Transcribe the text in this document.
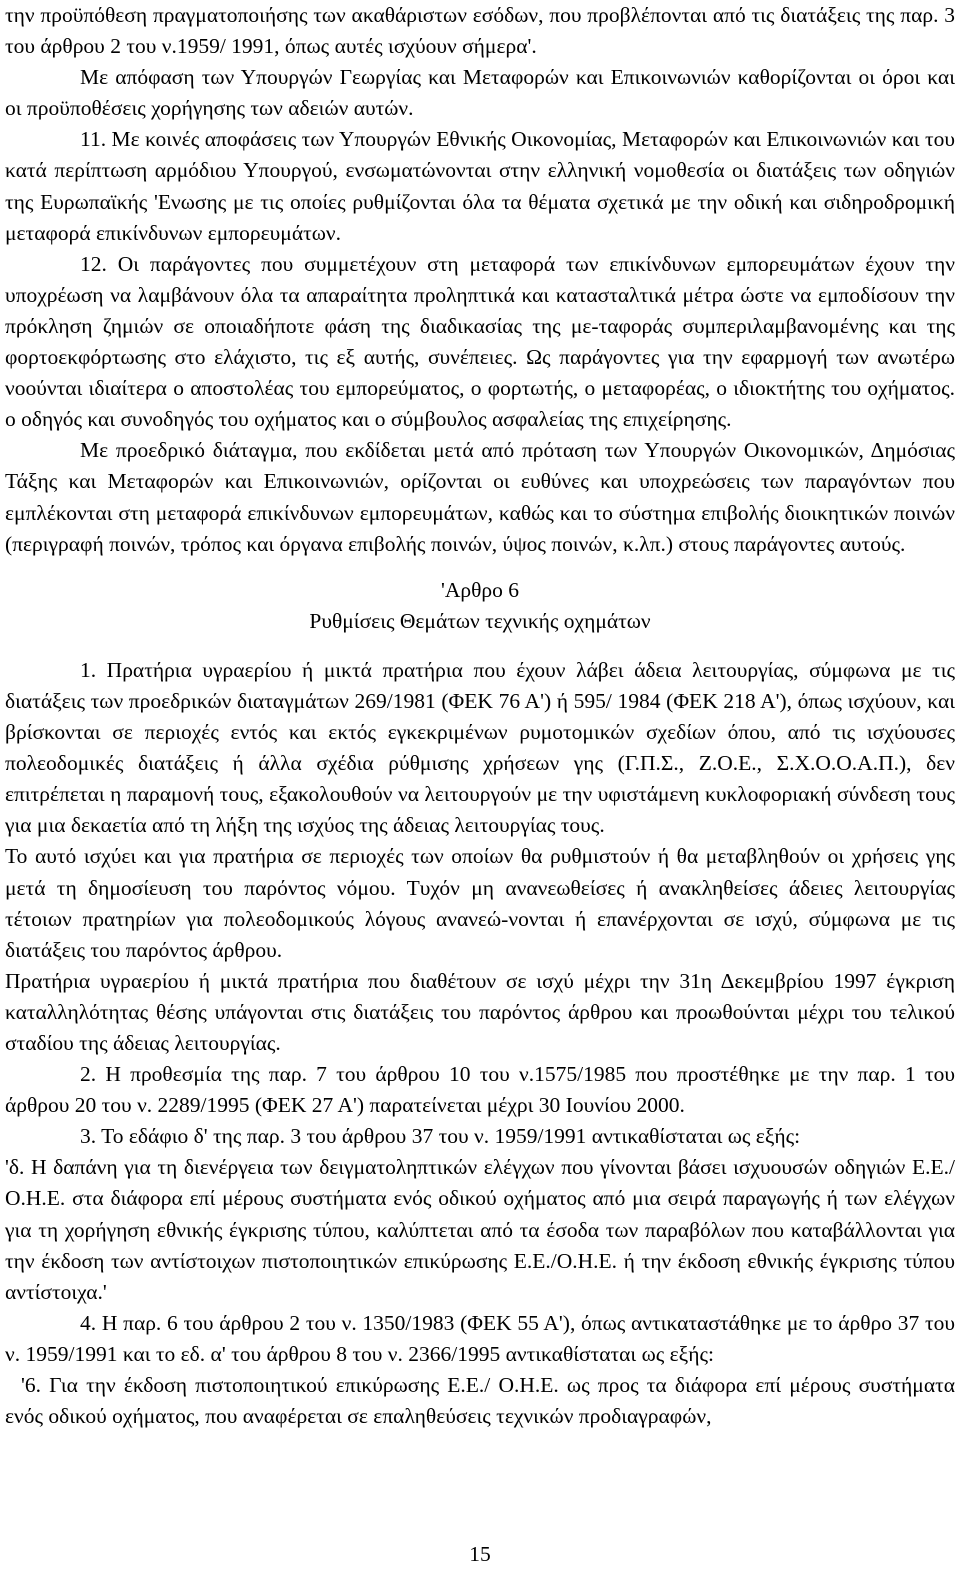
την προϋπόθεση πραγματοποιήσης των ακαθάριστων εσόδων, που προβλέπονται από τις διατάξεις της παρ. 3 του άρθρου 2 του ν.1959/ 1991, όπως αυτές ισχύουν σήμερα'.

Με απόφαση των Υπουργών Γεωργίας και Μεταφορών και Επικοινωνιών καθορίζονται οι όροι και οι προϋποθέσεις χορήγησης των αδειών αυτών.

11. Με κοινές αποφάσεις των Υπουργών Εθνικής Οικονομίας, Μεταφορών και Επικοινωνιών και του κατά περίπτωση αρμόδιου Υπουργού, ενσωματώνονται στην ελληνική νομοθεσία οι διατάξεις των οδηγιών της Ευρωπαϊκής 'Ενωσης με τις οποίες ρυθμίζονται όλα τα θέματα σχετικά με την οδική και σιδηροδρομική μεταφορά επικίνδυνων εμπορευμάτων.

12. Οι παράγοντες που συμμετέχουν στη μεταφορά των επικίνδυνων εμπορευμάτων έχουν την υποχρέωση να λαμβάνουν όλα τα απαραίτητα προληπτικά και κατασταλτικά μέτρα ώστε να εμποδίσουν την πρόκληση ζημιών σε οποιαδήποτε φάση της διαδικασίας της με-ταφοράς συμπεριλαμβανομένης και της φορτοεκφόρτωσης στο ελάχιστο, τις εξ αυτής, συνέπειες. Ως παράγοντες για την εφαρμογή των ανωτέρω νοούνται ιδιαίτερα ο αποστολέας του εμπορεύματος, ο φορτωτής, ο μεταφορέας, ο ιδιοκτήτης του οχήματος. ο οδηγός και συνοδηγός του οχήματος και ο σύμβουλος ασφαλείας της επιχείρησης.

Με προεδρικό διάταγμα, που εκδίδεται μετά από πρόταση των Υπουργών Οικονομικών, Δημόσιας Τάξης και Μεταφορών και Επικοινωνιών, ορίζονται οι ευθύνες και υποχρεώσεις των παραγόντων που εμπλέκονται στη μεταφορά επικίνδυνων εμπορευμάτων, καθώς και το σύστημα επιβολής διοικητικών ποινών (περιγραφή ποινών, τρόπος και όργανα επιβολής ποινών, ύψος ποινών, κ.λπ.) στους παράγοντες αυτούς.

'Αρθρο 6

Ρυθμίσεις Θεμάτων τεχνικής οχημάτων

1. Πρατήρια υγραερίου ή μικτά πρατήρια που έχουν λάβει άδεια λειτουργίας, σύμφωνα με τις διατάξεις των προεδρικών διαταγμάτων 269/1981 (ΦΕΚ 76 Α') ή 595/ 1984 (ΦΕΚ 218 Α'), όπως ισχύουν, και βρίσκονται σε περιοχές εντός και εκτός εγκεκριμένων ρυμοτομικών σχεδίων όπου, από τις ισχύουσες πολεοδομικές διατάξεις ή άλλα σχέδια ρύθμισης χρήσεων γης (Γ.Π.Σ., Ζ.Ο.Ε., Σ.Χ.Ο.Ο.Α.Π.), δεν επιτρέπεται η παραμονή τους, εξακολουθούν να λειτουργούν με την υφιστάμενη κυκλοφοριακή σύνδεση τους για μια δεκαετία από τη λήξη της ισχύος της άδειας λειτουργίας τους.

Το αυτό ισχύει και για πρατήρια σε περιοχές των οποίων θα ρυθμιστούν ή θα μεταβληθούν οι χρήσεις γης μετά τη δημοσίευση του παρόντος νόμου. Τυχόν μη ανανεωθείσες ή ανακληθείσες άδειες λειτουργίας τέτοιων πρατηρίων για πολεοδομικούς λόγους ανανεώ-νονται ή επανέρχονται σε ισχύ, σύμφωνα με τις διατάξεις του παρόντος άρθρου.

Πρατήρια υγραερίου ή μικτά πρατήρια που διαθέτουν σε ισχύ μέχρι την 31η Δεκεμβρίου 1997 έγκριση καταλληλότητας θέσης υπάγονται στις διατάξεις του παρόντος άρθρου και προωθούνται μέχρι του τελικού σταδίου της άδειας λειτουργίας.

2. Η προθεσμία της παρ. 7 του άρθρου 10 του ν.1575/1985 που προστέθηκε με την παρ. 1 του άρθρου 20 του ν. 2289/1995 (ΦΕΚ 27 Α') παρατείνεται μέχρι 30 Ιουνίου 2000.

3. Το εδάφιο δ' της παρ. 3 του άρθρου 37 του ν. 1959/1991 αντικαθίσταται ως εξής:

'δ. Η δαπάνη για τη διενέργεια των δειγματοληπτικών ελέγχων που γίνονται βάσει ισχυουσών οδηγιών Ε.Ε./ Ο.Η.Ε. στα διάφορα επί μέρους συστήματα ενός οδικού οχήματος από μια σειρά παραγωγής ή των ελέγχων για τη χορήγηση εθνικής έγκρισης τύπου, καλύπτεται από τα έσοδα των παραβόλων που καταβάλλονται για την έκδοση των αντίστοιχων πιστοποιητικών επικύρωσης Ε.Ε./Ο.Η.Ε. ή την έκδοση εθνικής έγκρισης τύπου αντίστοιχα.'

4. Η παρ. 6 του άρθρου 2 του ν. 1350/1983 (ΦΕΚ 55 Α'), όπως αντικαταστάθηκε με το άρθρο 37 του ν. 1959/1991 και το εδ. α' του άρθρου 8 του ν. 2366/1995 αντικαθίσταται ως εξής:

'6. Για την έκδοση πιστοποιητικού επικύρωσης Ε.Ε./ Ο.Η.Ε. ως προς τα διάφορα επί μέρους συστήματα ενός οδικού οχήματος, που αναφέρεται σε επαληθεύσεις τεχνικών προδιαγραφών,

15
